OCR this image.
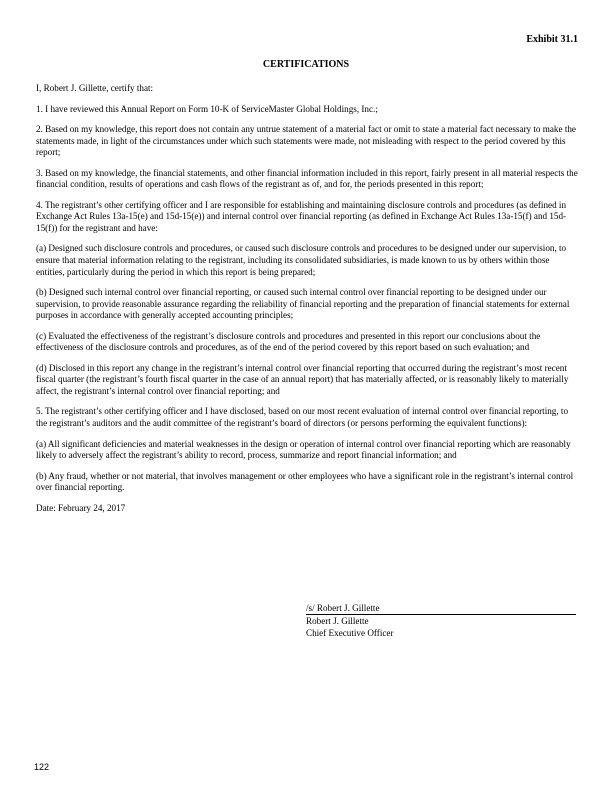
Exhibit 31.1
CERTIFICATIONS

I, Robert J. Gillette, certify that:

1. I have reviewed this Annual Report on Form 10-K of ServiceMaster Global Holdings, Inc.;

2. Based on my knowledge, this report does not contain any untrue statement of a material fact or omit to state a material fact necessary to make the statements made, in light of the circumstances under which such statements were made, not misleading with respect to the period covered by this report;

3. Based on my knowledge, the financial statements, and other financial information included in this report, fairly present in all material respects the financial condition, results of operations and cash flows of the registrant as of, and for, the periods presented in this report;

4. The registrant’s other certifying officer and I are responsible for establishing and maintaining disclosure controls and procedures (as defined in Exchange Act Rules 13a-15(e) and 15d-15(e)) and internal control over financial reporting (as defined in Exchange Act Rules 13a-15(f) and 15d-15(f)) for the registrant and have:

(a) Designed such disclosure controls and procedures, or caused such disclosure controls and procedures to be designed under our supervision, to ensure that material information relating to the registrant, including its consolidated subsidiaries, is made known to us by others within those entities, particularly during the period in which this report is being prepared;

(b) Designed such internal control over financial reporting, or caused such internal control over financial reporting to be designed under our supervision, to provide reasonable assurance regarding the reliability of financial reporting and the preparation of financial statements for external purposes in accordance with generally accepted accounting principles;

(c) Evaluated the effectiveness of the registrant’s disclosure controls and procedures and presented in this report our conclusions about the effectiveness of the disclosure controls and procedures, as of the end of the period covered by this report based on such evaluation; and

(d) Disclosed in this report any change in the registrant’s internal control over financial reporting that occurred during the registrant’s most recent fiscal quarter (the registrant’s fourth fiscal quarter in the case of an annual report) that has materially affected, or is reasonably likely to materially affect, the registrant’s internal control over financial reporting; and

5. The registrant’s other certifying officer and I have disclosed, based on our most recent evaluation of internal control over financial reporting, to the registrant’s auditors and the audit committee of the registrant’s board of directors (or persons performing the equivalent functions):

(a) All significant deficiencies and material weaknesses in the design or operation of internal control over financial reporting which are reasonably likely to adversely affect the registrant’s ability to record, process, summarize and report financial information; and

(b) Any fraud, whether or not material, that involves management or other employees who have a significant role in the registrant’s internal control over financial reporting.

Date: February 24, 2017

/s/ Robert J. Gillette
Robert J. Gillette
Chief Executive Officer
122
